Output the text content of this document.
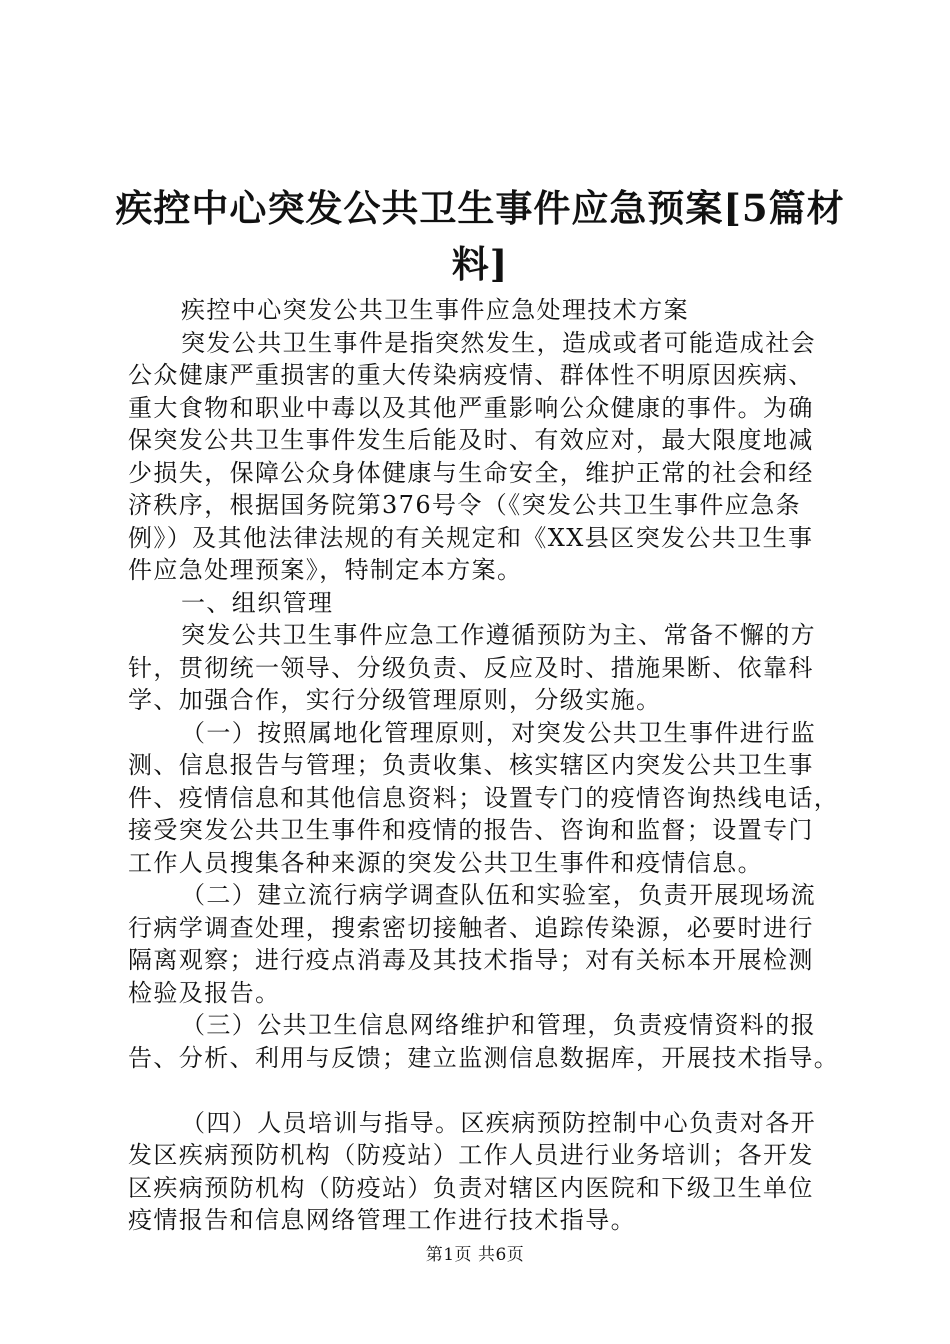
疾控中心突发公共卫生事件应急预案[5篇材
料]
疾控中心突发公共卫生事件应急处理技术方案
突发公共卫生事件是指突然发生，造成或者可能造成社会
公众健康严重损害的重大传染病疫情、群体性不明原因疾病、
重大食物和职业中毒以及其他严重影响公众健康的事件。为确
保突发公共卫生事件发生后能及时、有效应对，最大限度地减
少损失，保障公众身体健康与生命安全，维护正常的社会和经
济秩序，根据国务院第376号令（《突发公共卫生事件应急条
例》）及其他法律法规的有关规定和《XX县区突发公共卫生事
件应急处理预案》，特制定本方案。
一、组织管理
突发公共卫生事件应急工作遵循预防为主、常备不懈的方
针，贯彻统一领导、分级负责、反应及时、措施果断、依靠科
学、加强合作，实行分级管理原则，分级实施。
（一）按照属地化管理原则，对突发公共卫生事件进行监
测、信息报告与管理；负责收集、核实辖区内突发公共卫生事
件、疫情信息和其他信息资料；设置专门的疫情咨询热线电话，
接受突发公共卫生事件和疫情的报告、咨询和监督；设置专门
工作人员搜集各种来源的突发公共卫生事件和疫情信息。
（二）建立流行病学调查队伍和实验室，负责开展现场流
行病学调查处理，搜索密切接触者、追踪传染源，必要时进行
隔离观察；进行疫点消毒及其技术指导；对有关标本开展检测
检验及报告。
（三）公共卫生信息网络维护和管理，负责疫情资料的报
告、分析、利用与反馈；建立监测信息数据库，开展技术指导。
（四）人员培训与指导。区疾病预防控制中心负责对各开
发区疾病预防机构（防疫站）工作人员进行业务培训；各开发
区疾病预防机构（防疫站）负责对辖区内医院和下级卫生单位
疫情报告和信息网络管理工作进行技术指导。
第1页 共6页
